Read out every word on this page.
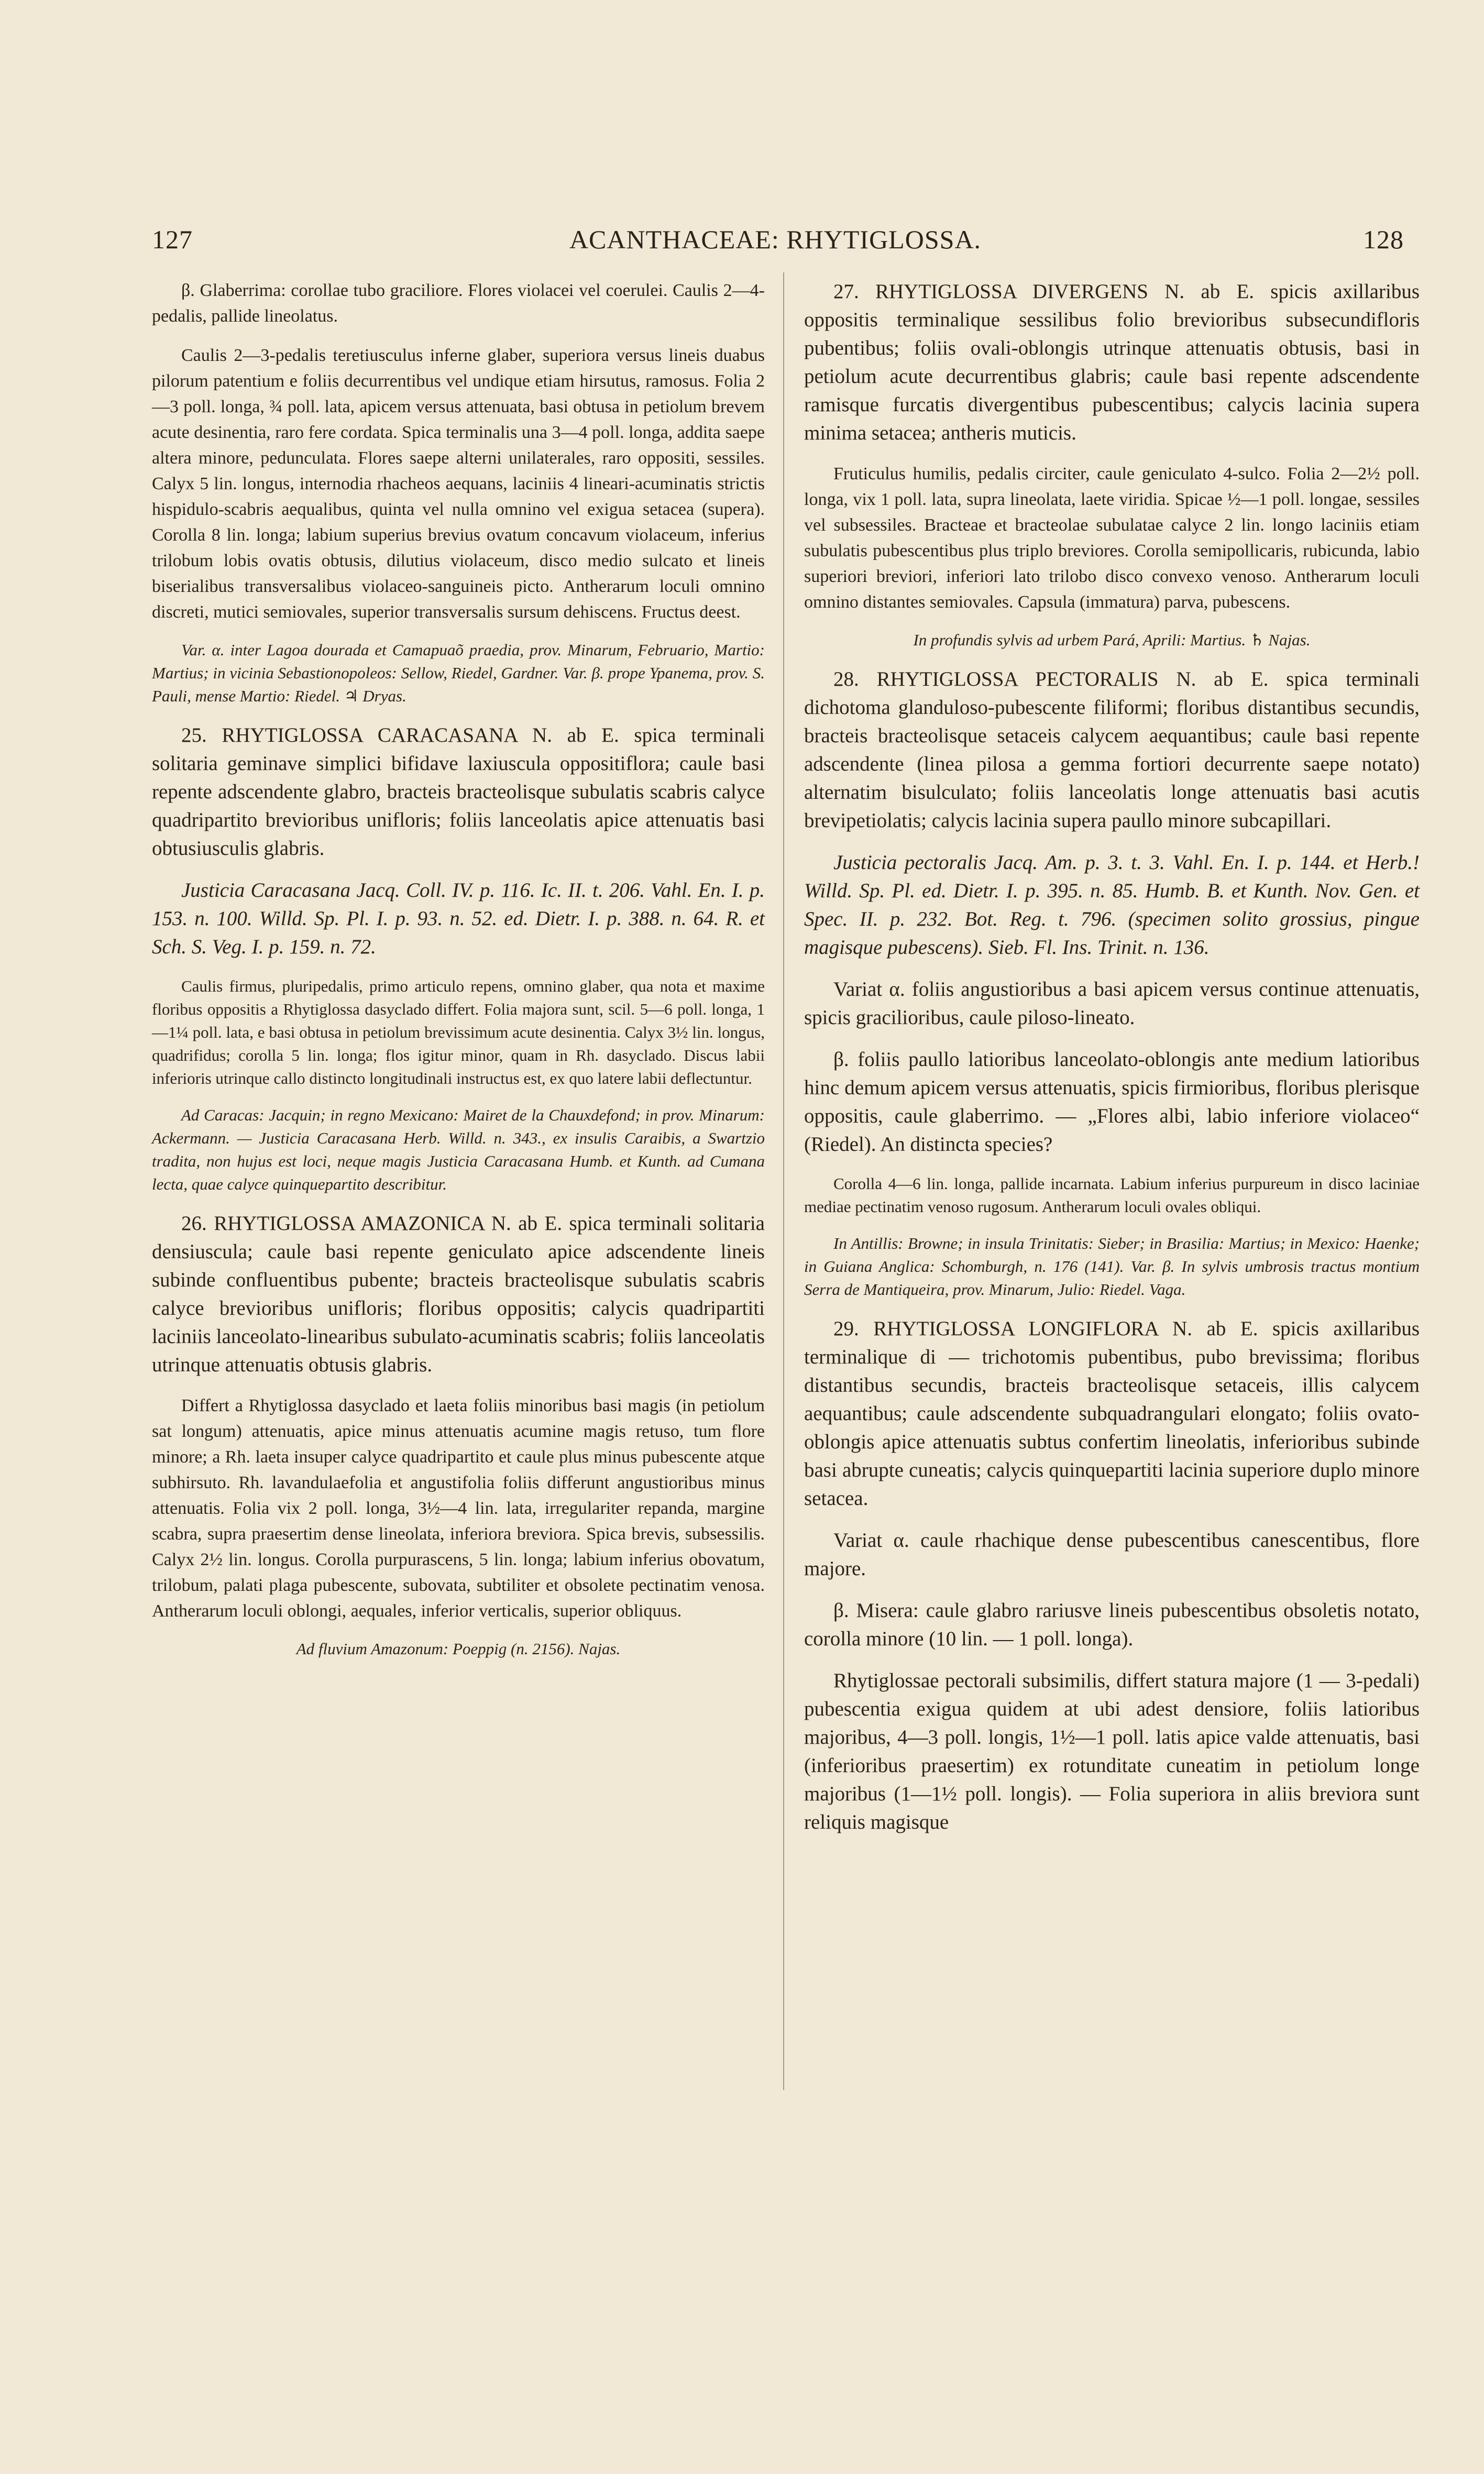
127	ACANTHACEAE: RHYTIGLOSSA.	128

β. Glaberrima: corollae tubo graciliore. Flores violacei vel coerulei. Caulis 2—4-pedalis, pallide lineolatus.

Caulis 2—3-pedalis teretiusculus inferne glaber, superiora versus lineis duabus pilorum patentium e foliis decurrentibus vel undique etiam hirsutus, ramosus. Folia 2—3 poll. longa, ¾ poll. lata, apicem versus attenuata, basi obtusa in petiolum brevem acute desinentia, raro fere cordata. Spica terminalis una 3—4 poll. longa, addita saepe altera minore, pedunculata. Flores saepe alterni unilaterales, raro oppositi, sessiles. Calyx 5 lin. longus, internodia rhacheos aequans, laciniis 4 lineari-acuminatis strictis hispidulo-scabris aequalibus, quinta vel nulla omnino vel exigua setacea (supera). Corolla 8 lin. longa; labium superius brevius ovatum concavum violaceum, inferius trilobum lobis ovatis obtusis, dilutius violaceum, disco medio sulcato et lineis biserialibus transversalibus violaceo-sanguineis picto. Antherarum loculi omnino discreti, mutici semiovales, superior transversalis sursum dehiscens. Fructus deest.

Var. α. inter Lagoa dourada et Camapuaõ praedia, prov. Minarum, Februario, Martio: Martius; in vicinia Sebastionopoleos: Sellow, Riedel, Gardner. Var. β. prope Ypanema, prov. S. Pauli, mense Martio: Riedel. ♃ Dryas.

25. RHYTIGLOSSA CARACASANA N. ab E. spica terminali solitaria geminave simplici bifidave laxiuscula oppositiflora; caule basi repente adscendente glabro, bracteis bracteolisque subulatis scabris calyce quadripartito brevioribus unifloris; foliis lanceolatis apice attenuatis basi obtusiusculis glabris.

Justicia Caracasana Jacq. Coll. IV. p. 116. Ic. II. t. 206. Vahl. En. I. p. 153. n. 100. Willd. Sp. Pl. I. p. 93. n. 52. ed. Dietr. I. p. 388. n. 64. R. et Sch. S. Veg. I. p. 159. n. 72.

Caulis firmus, pluripedalis, primo articulo repens, omnino glaber, qua nota et maxime floribus oppositis a Rhytiglossa dasyclado differt. Folia majora sunt, scil. 5—6 poll. longa, 1—1¼ poll. lata, e basi obtusa in petiolum brevissimum acute desinentia. Calyx 3½ lin. longus, quadrifidus; corolla 5 lin. longa; flos igitur minor, quam in Rh. dasyclado. Discus labii inferioris utrinque callo distincto longitudinali instructus est, ex quo latere labii deflectuntur.

Ad Caracas: Jacquin; in regno Mexicano: Mairet de la Chauxdefond; in prov. Minarum: Ackermann. — Justicia Caracasana Herb. Willd. n. 343., ex insulis Caraibis, a Swartzio tradita, non hujus est loci, neque magis Justicia Caracasana Humb. et Kunth. ad Cumana lecta, quae calyce quinquepartito describitur.

26. RHYTIGLOSSA AMAZONICA N. ab E. spica terminali solitaria densiuscula; caule basi repente geniculato apice adscendente lineis subinde confluentibus pubente; bracteis bracteolisque subulatis scabris calyce brevioribus unifloris; floribus oppositis; calycis quadripartiti laciniis lanceolato-linearibus subulato-acuminatis scabris; foliis lanceolatis utrinque attenuatis obtusis glabris.

Differt a Rhytiglossa dasyclado et laeta foliis minoribus basi magis (in petiolum sat longum) attenuatis, apice minus attenuatis acumine magis retuso, tum flore minore; a Rh. laeta insuper calyce quadripartito et caule plus minus pubescente atque subhirsuto. Rh. lavandulaefolia et angustifolia foliis differunt angustioribus minus attenuatis. Folia vix 2 poll. longa, 3½—4 lin. lata, irregulariter repanda, margine scabra, supra praesertim dense lineolata, inferiora breviora. Spica brevis, subsessilis. Calyx 2½ lin. longus. Corolla purpurascens, 5 lin. longa; labium inferius obovatum, trilobum, palati plaga pubescente, subovata, subtiliter et obsolete pectinatim venosa. Antherarum loculi oblongi, aequales, inferior verticalis, superior obliquus.

Ad fluvium Amazonum: Poeppig (n. 2156). Najas.

27. RHYTIGLOSSA DIVERGENS N. ab E. spicis axillaribus oppositis terminalique sessilibus folio brevioribus subsecundifloris pubentibus; foliis ovali-oblongis utrinque attenuatis obtusis, basi in petiolum acute decurrentibus glabris; caule basi repente adscendente ramisque furcatis divergentibus pubescentibus; calycis lacinia supera minima setacea; antheris muticis.

Fruticulus humilis, pedalis circiter, caule geniculato 4-sulco. Folia 2—2½ poll. longa, vix 1 poll. lata, supra lineolata, laete viridia. Spicae ½—1 poll. longae, sessiles vel subsessiles. Bracteae et bracteolae subulatae calyce 2 lin. longo laciniis etiam subulatis pubescentibus plus triplo breviores. Corolla semipollicaris, rubicunda, labio superiori breviori, inferiori lato trilobo disco convexo venoso. Antherarum loculi omnino distantes semiovales. Capsula (immatura) parva, pubescens.

In profundis sylvis ad urbem Pará, Aprili: Martius. ♄ Najas.

28. RHYTIGLOSSA PECTORALIS N. ab E. spica terminali dichotoma glanduloso-pubescente filiformi; floribus distantibus secundis, bracteis bracteolisque setaceis calycem aequantibus; caule basi repente adscendente (linea pilosa a gemma fortiori decurrente saepe notato) alternatim bisulculato; foliis lanceolatis longe attenuatis basi acutis brevipetiolatis; calycis lacinia supera paullo minore subcapillari.

Justicia pectoralis Jacq. Am. p. 3. t. 3. Vahl. En. I. p. 144. et Herb.! Willd. Sp. Pl. ed. Dietr. I. p. 395. n. 85. Humb. B. et Kunth. Nov. Gen. et Spec. II. p. 232. Bot. Reg. t. 796. (specimen solito grossius, pingue magisque pubescens). Sieb. Fl. Ins. Trinit. n. 136.

Variat α. foliis angustioribus a basi apicem versus continue attenuatis, spicis gracilioribus, caule piloso-lineato.

β. foliis paullo latioribus lanceolato-oblongis ante medium latioribus hinc demum apicem versus attenuatis, spicis firmioribus, floribus plerisque oppositis, caule glaberrimo. — „Flores albi, labio inferiore violaceo“ (Riedel). An distincta species?

Corolla 4—6 lin. longa, pallide incarnata. Labium inferius purpureum in disco laciniae mediae pectinatim venoso rugosum. Antherarum loculi ovales obliqui.

In Antillis: Browne; in insula Trinitatis: Sieber; in Brasilia: Martius; in Mexico: Haenke; in Guiana Anglica: Schomburgh, n. 176 (141). Var. β. In sylvis umbrosis tractus montium Serra de Mantiqueira, prov. Minarum, Julio: Riedel. Vaga.

29. RHYTIGLOSSA LONGIFLORA N. ab E. spicis axillaribus terminalique di — trichotomis pubentibus, pubo brevissima; floribus distantibus secundis, bracteis bracteolisque setaceis, illis calycem aequantibus; caule adscendente subquadrangulari elongato; foliis ovato-oblongis apice attenuatis subtus confertim lineolatis, inferioribus subinde basi abrupte cuneatis; calycis quinquepartiti lacinia superiore duplo minore setacea.

Variat α. caule rhachique dense pubescentibus canescentibus, flore majore.

β. Misera: caule glabro rariusve lineis pubescentibus obsoletis notato, corolla minore (10 lin. — 1 poll. longa).

Rhytiglossae pectorali subsimilis, differt statura majore (1 — 3-pedali) pubescentia exigua quidem at ubi adest densiore, foliis latioribus majoribus, 4—3 poll. longis, 1½—1 poll. latis apice valde attenuatis, basi (inferioribus praesertim) ex rotunditate cuneatim in petiolum longe majoribus (1—1½ poll. longis). — Folia superiora in aliis breviora sunt reliquis magisque
